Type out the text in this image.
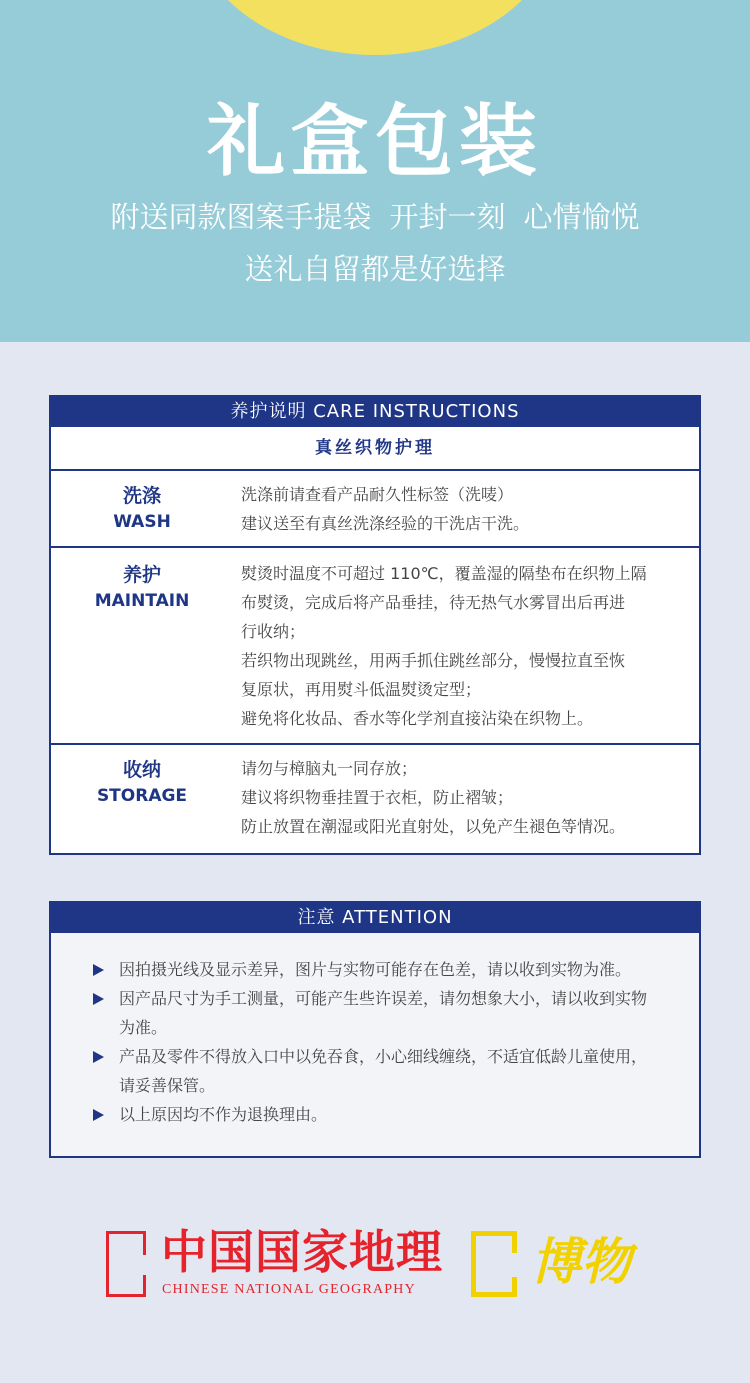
礼盒包装
附送同款图案手提袋 开封一刻 心情愉悦
送礼自留都是好选择
养护说明 CARE INSTRUCTIONS
真丝织物护理
洗涤
WASH

洗涤前请查看产品耐久性标签（洗唛）

建议送至有真丝洗涤经验的干洗店干洗。

养护
MAINTAIN

熨烫时温度不可超过 110℃，覆盖湿的隔垫布在织物上隔

布熨烫，完成后将产品垂挂，待无热气水雾冒出后再进

行收纳；

若织物出现跳丝，用两手抓住跳丝部分，慢慢拉直至恢

复原状，再用熨斗低温熨烫定型；

避免将化妆品、香水等化学剂直接沾染在织物上。

收纳
STORAGE

请勿与樟脑丸一同存放；

建议将织物垂挂置于衣柜，防止褶皱；

防止放置在潮湿或阳光直射处，以免产生褪色等情况。

注意 ATTENTION
因拍摄光线及显示差异，图片与实物可能存在色差，请以收到实物为准。
因产品尺寸为手工测量，可能产生些许误差，请勿想象大小，请以收到实物
为准。
产品及零件不得放入口中以免吞食，小心细线缠绕，不适宜低龄儿童使用，
请妥善保管。
以上原因均不作为退换理由。
中国国家地理
CHINESE NATIONAL GEOGRAPHY 博物
